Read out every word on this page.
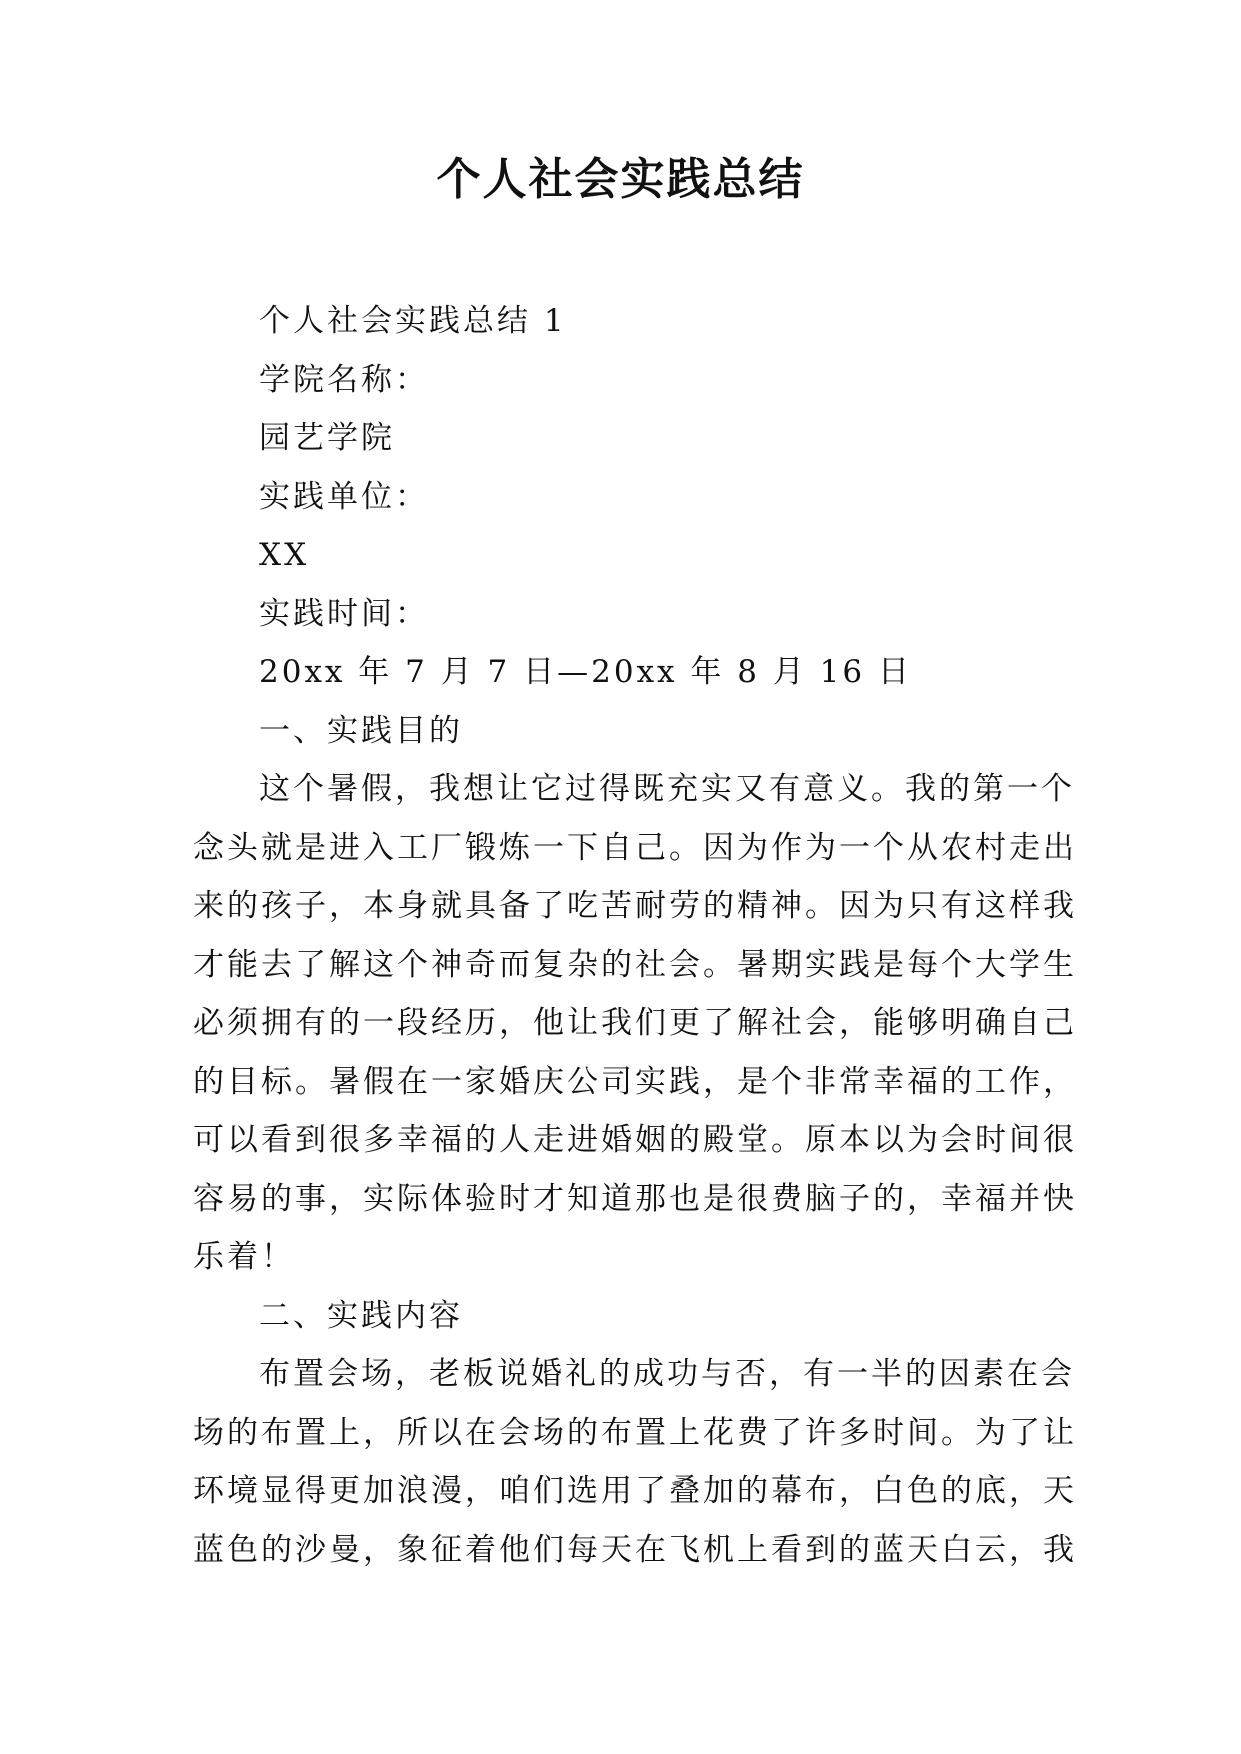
个人社会实践总结

个人社会实践总结 1

学院名称：

园艺学院

实践单位：

XX

实践时间：

20xx 年 7 月 7 日—20xx 年 8 月 16 日

一、实践目的

这个暑假，我想让它过得既充实又有意义。我的第一个

念头就是进入工厂锻炼一下自己。因为作为一个从农村走出

来的孩子，本身就具备了吃苦耐劳的精神。因为只有这样我

才能去了解这个神奇而复杂的社会。暑期实践是每个大学生

必须拥有的一段经历，他让我们更了解社会，能够明确自己

的目标。暑假在一家婚庆公司实践，是个非常幸福的工作，

可以看到很多幸福的人走进婚姻的殿堂。原本以为会时间很

容易的事，实际体验时才知道那也是很费脑子的，幸福并快

乐着！

二、实践内容

布置会场，老板说婚礼的成功与否，有一半的因素在会

场的布置上，所以在会场的布置上花费了许多时间。为了让

环境显得更加浪漫，咱们选用了叠加的幕布，白色的底，天

蓝色的沙曼，象征着他们每天在飞机上看到的蓝天白云，我
